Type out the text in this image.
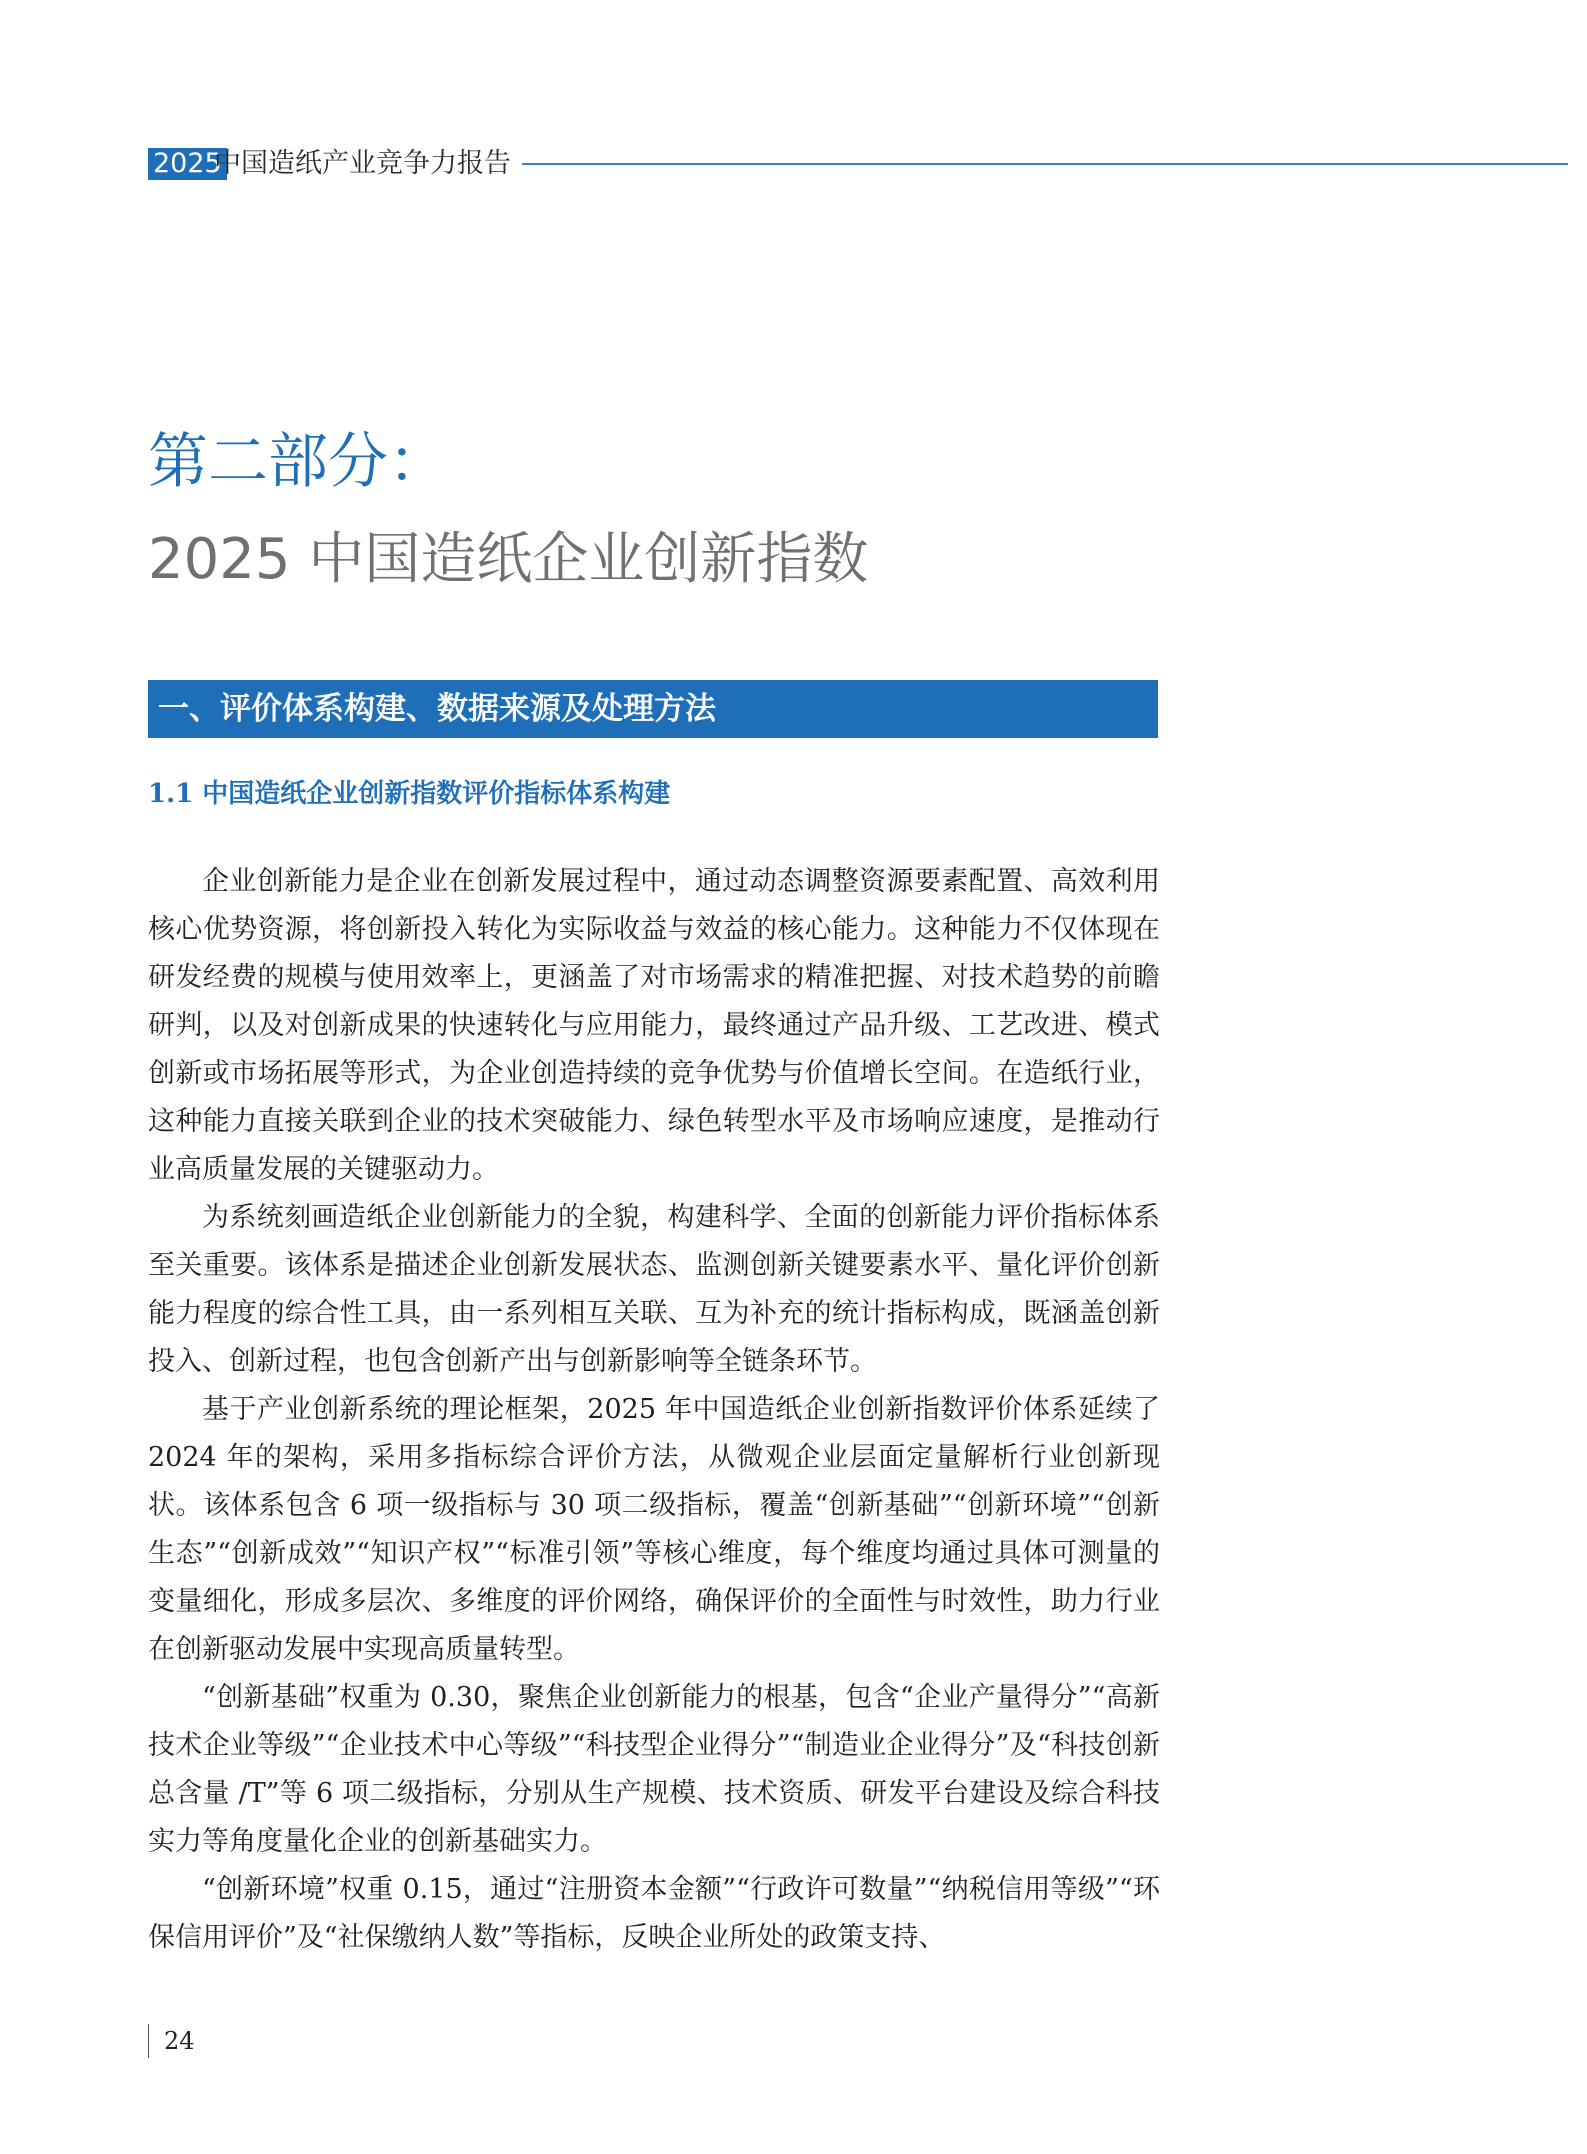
2025
中国造纸产业竞争力报告
第二部分：
2025 中国造纸企业创新指数
一、评价体系构建、数据来源及处理方法
1.1 中国造纸企业创新指数评价指标体系构建

企业创新能力是企业在创新发展过程中，通过动态调整资源要素配置、高效利用核心优势资源，将创新投入转化为实际收益与效益的核心能力。这种能力不仅体现在研发经费的规模与使用效率上，更涵盖了对市场需求的精准把握、对技术趋势的前瞻研判，以及对创新成果的快速转化与应用能力，最终通过产品升级、工艺改进、模式创新或市场拓展等形式，为企业创造持续的竞争优势与价值增长空间。在造纸行业，这种能力直接关联到企业的技术突破能力、绿色转型水平及市场响应速度，是推动行业高质量发展的关键驱动力。

为系统刻画造纸企业创新能力的全貌，构建科学、全面的创新能力评价指标体系至关重要。该体系是描述企业创新发展状态、监测创新关键要素水平、量化评价创新能力程度的综合性工具，由一系列相互关联、互为补充的统计指标构成，既涵盖创新投入、创新过程，也包含创新产出与创新影响等全链条环节。

基于产业创新系统的理论框架，2025 年中国造纸企业创新指数评价体系延续了 2024 年的架构，采用多指标综合评价方法，从微观企业层面定量解析行业创新现状。该体系包含 6 项一级指标与 30 项二级指标，覆盖“创新基础”“创新环境”“创新生态”“创新成效”“知识产权”“标准引领”等核心维度，每个维度均通过具体可测量的变量细化，形成多层次、多维度的评价网络，确保评价的全面性与时效性，助力行业在创新驱动发展中实现高质量转型。

“创新基础”权重为 0.30，聚焦企业创新能力的根基，包含“企业产量得分”“高新技术企业等级”“企业技术中心等级”“科技型企业得分”“制造业企业得分”及“科技创新总含量 /T”等 6 项二级指标，分别从生产规模、技术资质、研发平台建设及综合科技实力等角度量化企业的创新基础实力。

“创新环境”权重 0.15，通过“注册资本金额”“行政许可数量”“纳税信用等级”“环保信用评价”及“社保缴纳人数”等指标，反映企业所处的政策支持、

24
